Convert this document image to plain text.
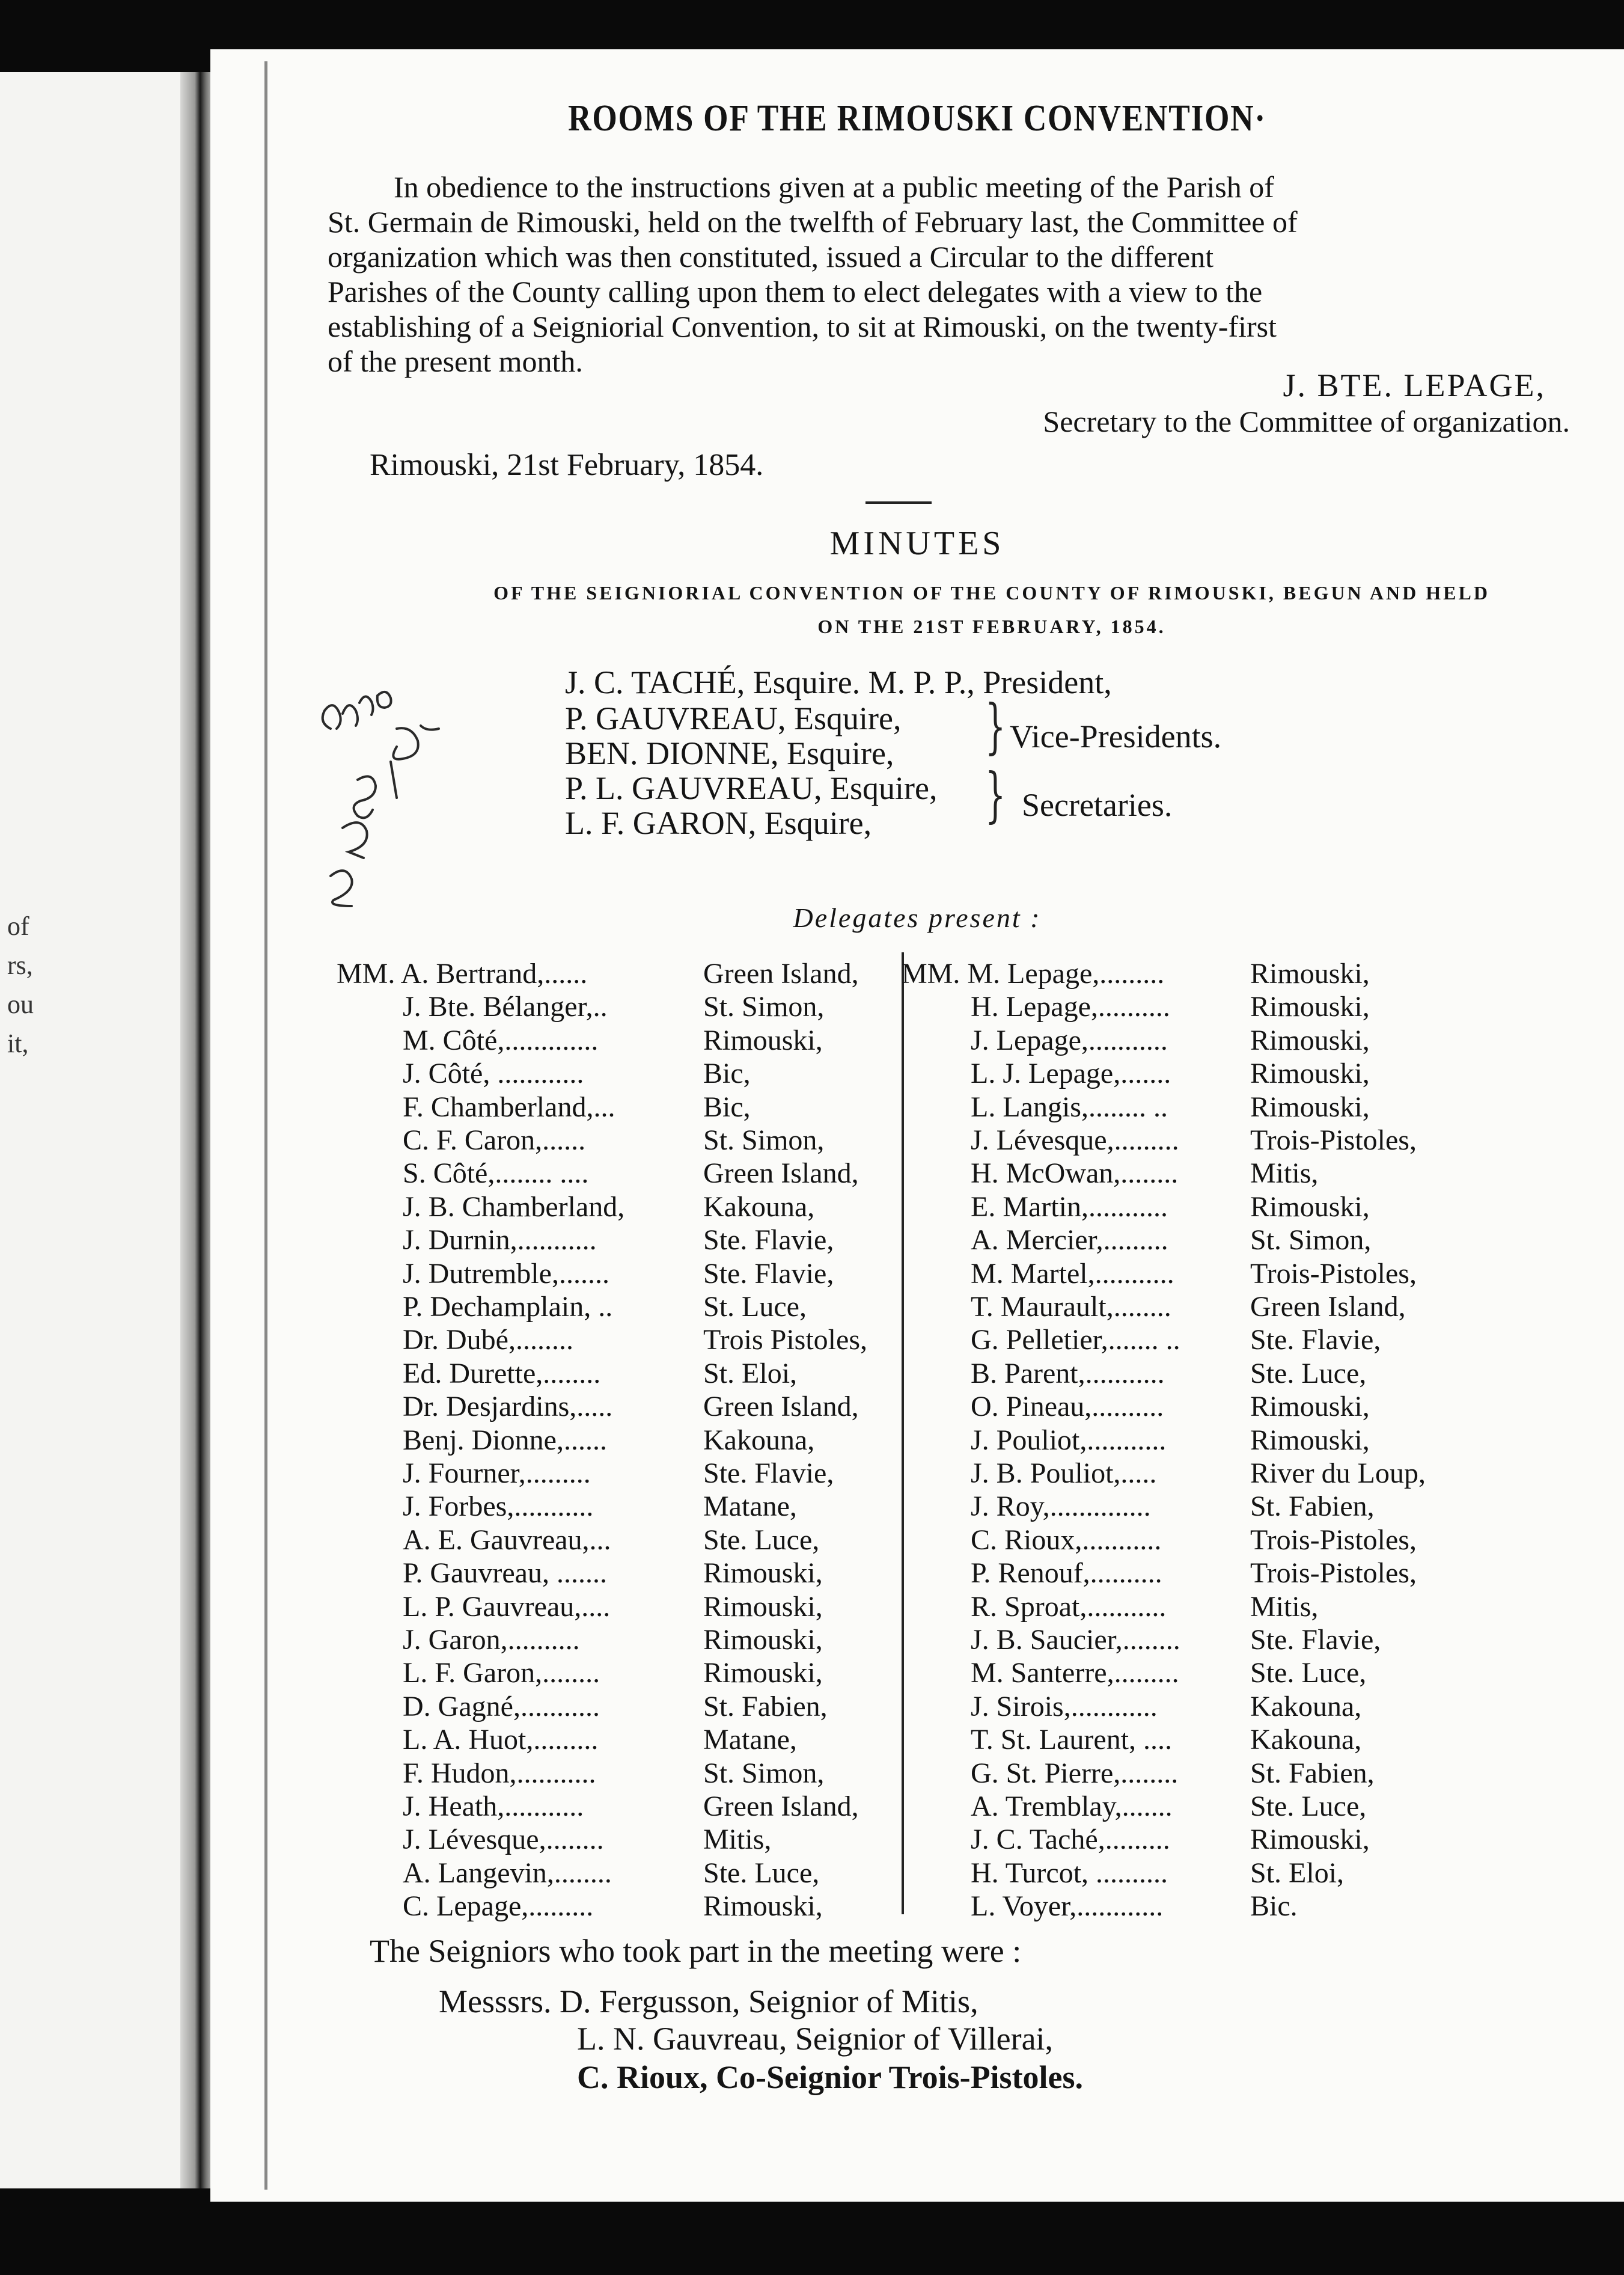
of
rs,
ou
it,
ROOMS OF THE RIMOUSKI CONVENTION·
In obedience to the instructions given at a public meeting of the Parish of
St. Germain de Rimouski, held on the twelfth of February last, the Committee of
organization which was then constituted, issued a Circular to the different
Parishes of the County calling upon them to elect delegates with a view to the
establishing of a Seigniorial Convention, to sit at Rimouski, on the twenty-first
of the present month.
J. BTE. LEPAGE,
Secretary to the Committee of organization.
Rimouski, 21st February, 1854.
MINUTES
OF THE SEIGNIORIAL CONVENTION OF THE COUNTY OF RIMOUSKI, BEGUN AND HELD
ON THE 21ST FEBRUARY, 1854.
J. C. TACHÉ, Esquire. M. P. P., President,
P. GAUVREAU, Esquire,
BEN. DIONNE, Esquire, } Vice-Presidents.
P. L. GAUVREAU, Esquire,
L. F. GARON, Esquire, } Secretaries.
Delegates present :
MM. A. Bertrand,......	Green Island,
J. Bte. Bélanger,..	St. Simon,
M. Côté,.............	Rimouski,
J. Côté, ............	Bic,
F. Chamberland,...	Bic,
C. F. Caron,......	St. Simon,
S. Côté,........ ....	Green Island,
J. B. Chamberland,	Kakouna,
J. Durnin,...........	Ste. Flavie,
J. Dutremble,.......	Ste. Flavie,
P. Dechamplain, ..	St. Luce,
Dr. Dubé,........	Trois Pistoles,
Ed. Durette,........	St. Eloi,
Dr. Desjardins,.....	Green Island,
Benj. Dionne,......	Kakouna,
J. Fourner,.........	Ste. Flavie,
J. Forbes,...........	Matane,
A. E. Gauvreau,...	Ste. Luce,
P. Gauvreau, .......	Rimouski,
L. P. Gauvreau,....	Rimouski,
J. Garon,..........	Rimouski,
L. F. Garon,........	Rimouski,
D. Gagné,...........	St. Fabien,
L. A. Huot,.........	Matane,
F. Hudon,...........	St. Simon,
J. Heath,...........	Green Island,
J. Lévesque,........	Mitis,
A. Langevin,........	Ste. Luce,
C. Lepage,.........	Rimouski,
MM. M. Lepage,.........	Rimouski,
H. Lepage,..........	Rimouski,
J. Lepage,...........	Rimouski,
L. J. Lepage,.......	Rimouski,
L. Langis,........ ..	Rimouski,
J. Lévesque,......... Trois-Pistoles,
H. McOwan,........ Mitis,
E. Martin,...........	Rimouski,
A. Mercier,.........	St. Simon,
M. Martel,...........	Trois-Pistoles,
T. Maurault,........	Green Island,
G. Pelletier,....... .. Ste. Flavie,
B. Parent,...........	Ste. Luce,
O. Pineau,..........	Rimouski,
J. Pouliot,...........	Rimouski,
J. B. Pouliot,.....	River du Loup,
J. Roy,..............	St. Fabien,
C. Rioux,...........	Trois-Pistoles,
P. Renouf,..........	Trois-Pistoles,
R. Sproat,...........	Mitis,
J. B. Saucier,........ Ste. Flavie,
M. Santerre,......... Ste. Luce,
J. Sirois,............	Kakouna,
T. St. Laurent, ....	Kakouna,
G. St. Pierre,........ St. Fabien,
A. Tremblay,.......	Ste. Luce,
J. C. Taché,.........	Rimouski,
H. Turcot, ..........	St. Eloi,
L. Voyer,............	Bic.
The Seigniors who took part in the meeting were :
Messsrs. D. Fergusson, Seignior of Mitis,
L. N. Gauvreau, Seignior of Villerai,
C. Rioux, Co-Seignior Trois-Pistoles.
